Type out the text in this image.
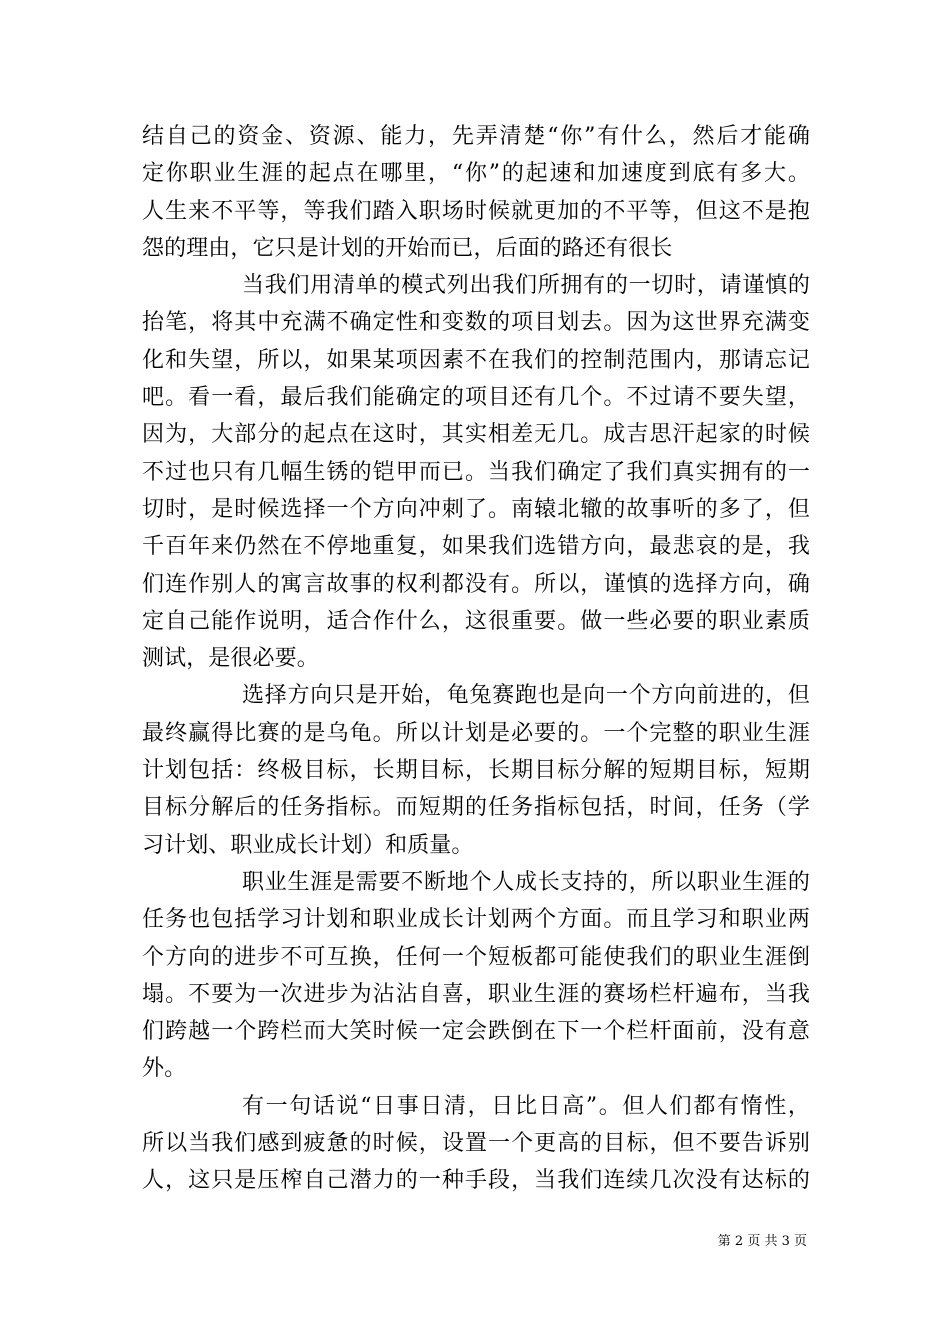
结自己的资金、资源、能力，先弄清楚“你”有什么，然后才能确
定你职业生涯的起点在哪里，“你”的起速和加速度到底有多大。
人生来不平等，等我们踏入职场时候就更加的不平等，但这不是抱
怨的理由，它只是计划的开始而已，后面的路还有很长
当我们用清单的模式列出我们所拥有的一切时，请谨慎的
抬笔，将其中充满不确定性和变数的项目划去。因为这世界充满变
化和失望，所以，如果某项因素不在我们的控制范围内，那请忘记
吧。看一看，最后我们能确定的项目还有几个。不过请不要失望，
因为，大部分的起点在这时，其实相差无几。成吉思汗起家的时候
不过也只有几幅生锈的铠甲而已。当我们确定了我们真实拥有的一
切时，是时候选择一个方向冲刺了。南辕北辙的故事听的多了，但
千百年来仍然在不停地重复，如果我们选错方向，最悲哀的是，我
们连作别人的寓言故事的权利都没有。所以，谨慎的选择方向，确
定自己能作说明，适合作什么，这很重要。做一些必要的职业素质
测试，是很必要。
选择方向只是开始，龟兔赛跑也是向一个方向前进的，但
最终赢得比赛的是乌龟。所以计划是必要的。一个完整的职业生涯
计划包括：终极目标，长期目标，长期目标分解的短期目标，短期
目标分解后的任务指标。而短期的任务指标包括，时间，任务（学
习计划、职业成长计划）和质量。
职业生涯是需要不断地个人成长支持的，所以职业生涯的
任务也包括学习计划和职业成长计划两个方面。而且学习和职业两
个方向的进步不可互换，任何一个短板都可能使我们的职业生涯倒
塌。不要为一次进步为沾沾自喜，职业生涯的赛场栏杆遍布，当我
们跨越一个跨栏而大笑时候一定会跌倒在下一个栏杆面前，没有意
外。
有一句话说“日事日清，日比日高”。但人们都有惰性，
所以当我们感到疲惫的时候，设置一个更高的目标，但不要告诉别
人，这只是压榨自己潜力的一种手段，当我们连续几次没有达标的
第 2 页 共 3 页
